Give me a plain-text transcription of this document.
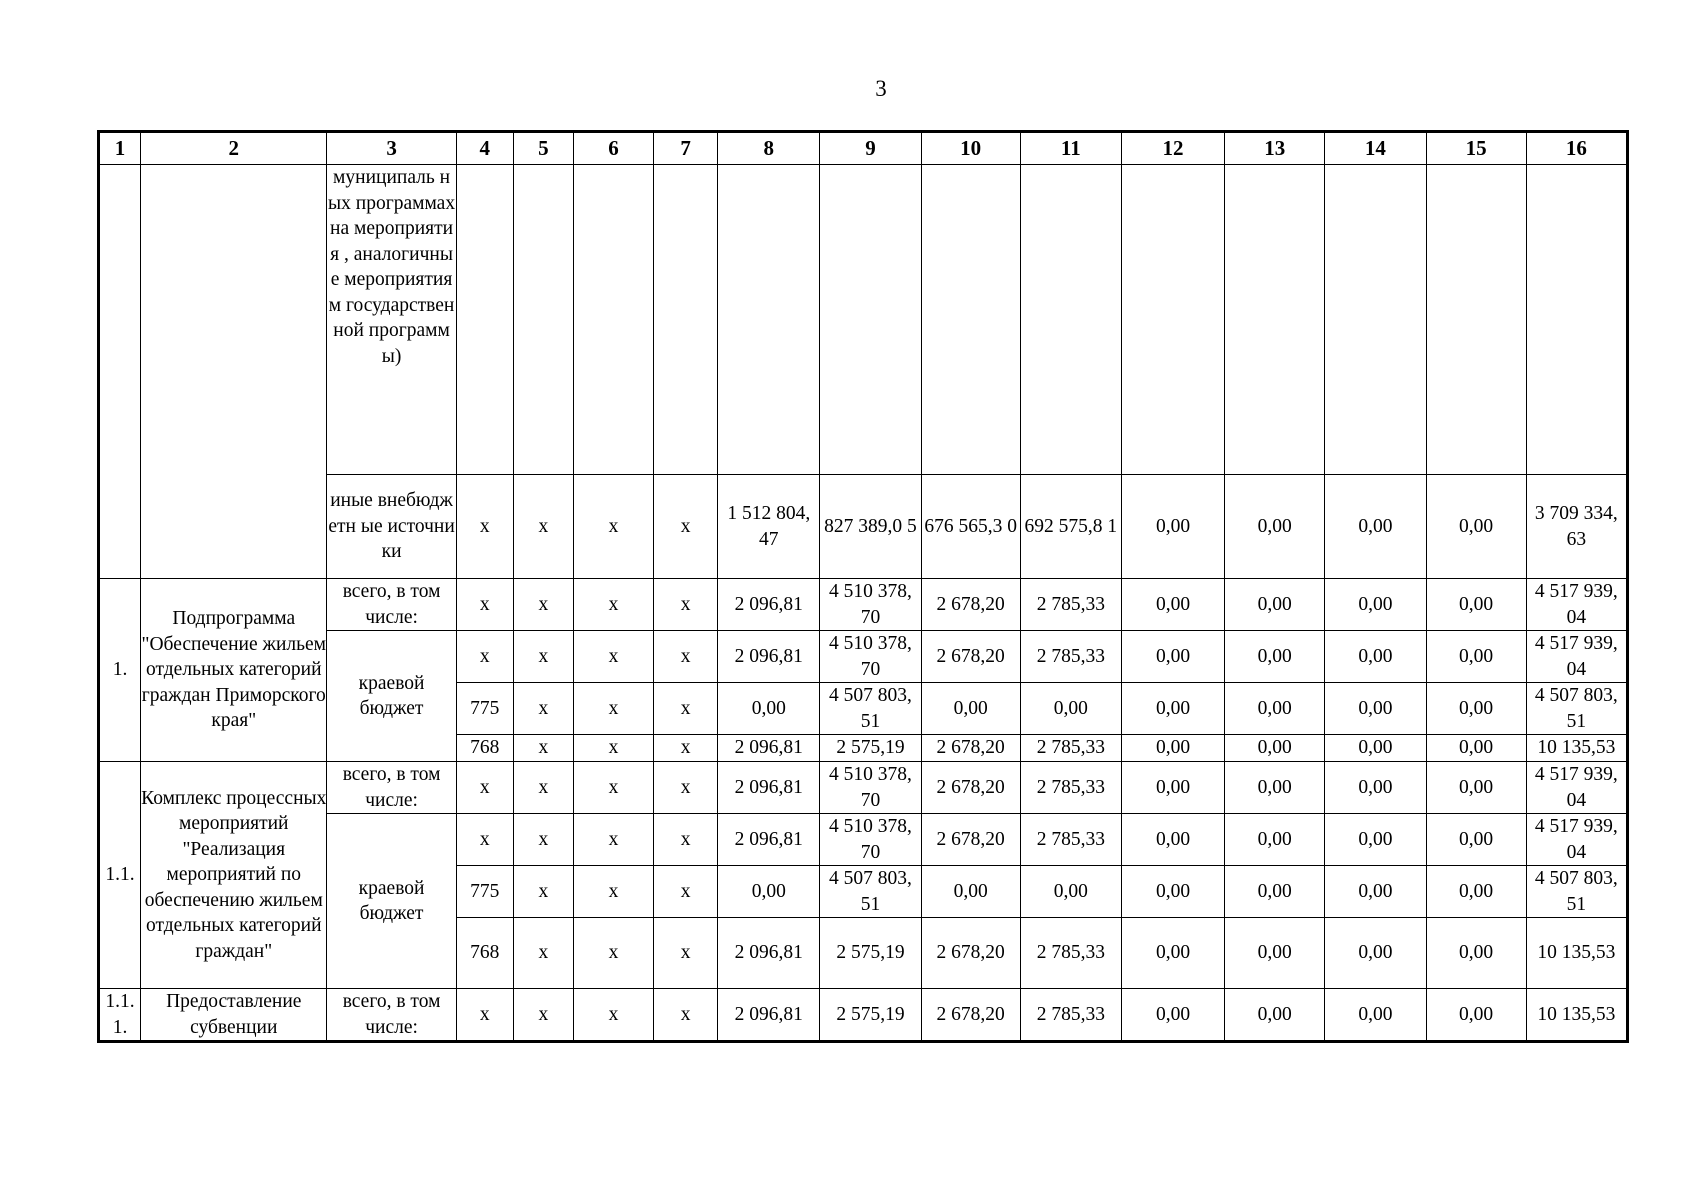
3
1	2	3	4	5	6	7	8	9	10	11	12	13	14	15	16
		муниципаль ных программах на мероприятия , аналогичные мероприятия м государствен ной программы)													
		иные внебюджетн ые источники	x	x	x	x	1 512 804, 47	827 389,0 5	676 565,3 0	692 575,8 1	0,00	0,00	0,00	0,00	3 709 334, 63
1.	Подпрограмма "Обеспечение жильем отдельных категорий граждан Приморского края"	всего, в том числе:	x	x	x	x	2 096,81	4 510 378, 70	2 678,20	2 785,33	0,00	0,00	0,00	0,00	4 517 939, 04
		краевой бюджет	x	x	x	x	2 096,81	4 510 378, 70	2 678,20	2 785,33	0,00	0,00	0,00	0,00	4 517 939, 04
			775	x	x	x	0,00	4 507 803, 51	0,00	0,00	0,00	0,00	0,00	0,00	4 507 803, 51
			768	x	x	x	2 096,81	2 575,19	2 678,20	2 785,33	0,00	0,00	0,00	0,00	10 135,53
1.1.	Комплекс процессных мероприятий "Реализация мероприятий по обеспечению жильем отдельных категорий граждан"	всего, в том числе:	x	x	x	x	2 096,81	4 510 378, 70	2 678,20	2 785,33	0,00	0,00	0,00	0,00	4 517 939, 04
		краевой бюджет	x	x	x	x	2 096,81	4 510 378, 70	2 678,20	2 785,33	0,00	0,00	0,00	0,00	4 517 939, 04
			775	x	x	x	0,00	4 507 803, 51	0,00	0,00	0,00	0,00	0,00	0,00	4 507 803, 51
			768	x	x	x	2 096,81	2 575,19	2 678,20	2 785,33	0,00	0,00	0,00	0,00	10 135,53
1.1. 1.	Предоставление субвенции	всего, в том числе:	x	x	x	x	2 096,81	2 575,19	2 678,20	2 785,33	0,00	0,00	0,00	0,00	10 135,53
